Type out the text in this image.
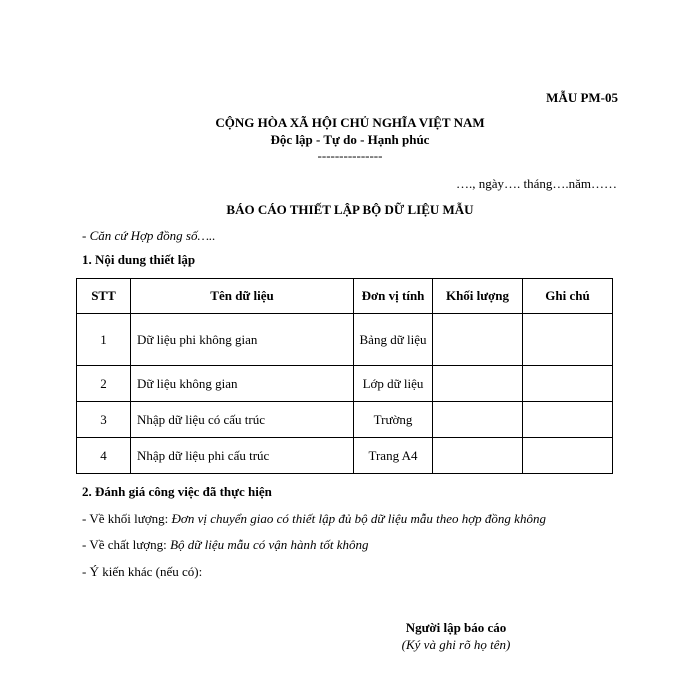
MẪU PM-05
CỘNG HÒA XÃ HỘI CHỦ NGHĨA VIỆT NAM
Độc lập - Tự do - Hạnh phúc
---------------
…., ngày…. tháng….năm……
BÁO CÁO THIẾT LẬP BỘ DỮ LIỆU MẪU
- Căn cứ Hợp đồng số…..
1. Nội dung thiết lập
STT	Tên dữ liệu	Đơn vị tính	Khối lượng	Ghi chú
1	Dữ liệu phi không gian	Bảng dữ liệu		
2	Dữ liệu không gian	Lớp dữ liệu		
3	Nhập dữ liệu có cấu trúc	Trường		
4	Nhập dữ liệu phi cấu trúc	Trang A4		
2. Đánh giá công việc đã thực hiện
- Về khối lượng: Đơn vị chuyển giao có thiết lập đủ bộ dữ liệu mẫu theo hợp đồng không
- Về chất lượng: Bộ dữ liệu mẫu có vận hành tốt không
- Ý kiến khác (nếu có):
Người lập báo cáo
(Ký và ghi rõ họ tên)
